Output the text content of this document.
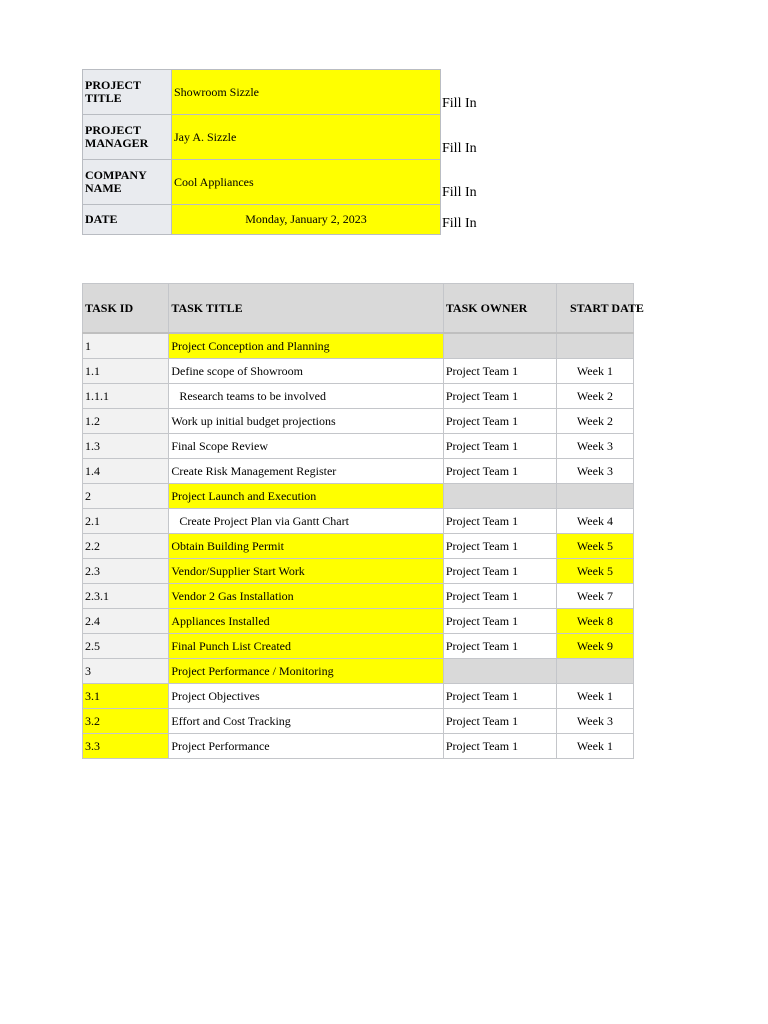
PROJECT TITLE	Showroom Sizzle

PROJECT MANAGER	Jay A. Sizzle

COMPANY NAME	Cool Appliances
DATE	Monday, January 2, 2023
Fill In
Fill In
Fill In
Fill In
TASK ID	TASK TITLE	TASK OWNER	START DATE

1	Project Conception and Planning		
1.1	Define scope of Showroom	Project Team 1	Week 1
1.1.1	Research teams to be involved	Project Team 1	Week 2
1.2	Work up initial budget projections	Project Team 1	Week 2
1.3	Final Scope Review	Project Team 1	Week 3
1.4	Create Risk Management Register	Project Team 1	Week 3
2	Project Launch and Execution		
2.1	Create Project Plan via Gantt Chart	Project Team 1	Week 4
2.2	Obtain Building Permit	Project Team 1	Week 5
2.3	Vendor/Supplier Start Work	Project Team 1	Week 5
2.3.1	Vendor 2 Gas Installation	Project Team 1	Week 7
2.4	Appliances Installed	Project Team 1	Week 8
2.5	Final Punch List Created	Project Team 1	Week 9
3	Project Performance / Monitoring		
3.1	Project Objectives	Project Team 1	Week 1
3.2	Effort and Cost Tracking	Project Team 1	Week 3
3.3	Project Performance	Project Team 1	Week 1
